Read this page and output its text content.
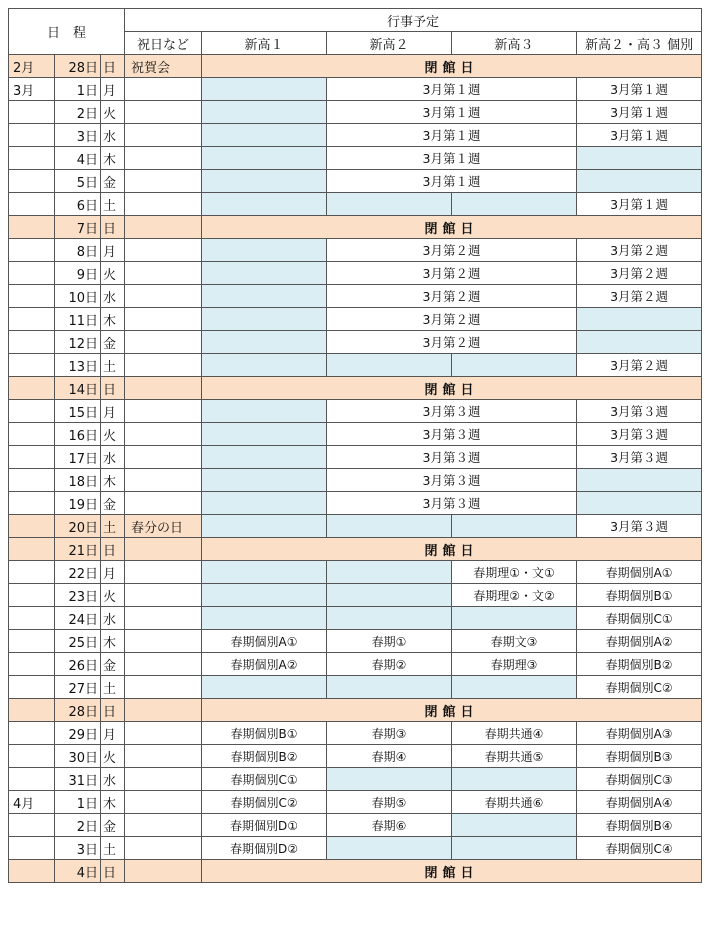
日　程			行事予定				
			祝日など	新高１	新高２	新高３	新高２・高３ 個別
2月	28日	日	祝賀会	閉館日			
3月	1日	月			3月第１週		3月第１週
	2日	火			3月第１週		3月第１週
	3日	水			3月第１週		3月第１週
	4日	木			3月第１週		
	5日	金			3月第１週		
	6日	土					3月第１週
	7日	日		閉館日			
	8日	月			3月第２週		3月第２週
	9日	火			3月第２週		3月第２週
	10日	水			3月第２週		3月第２週
	11日	木			3月第２週		
	12日	金			3月第２週		
	13日	土					3月第２週
	14日	日		閉館日			
	15日	月			3月第３週		3月第３週
	16日	火			3月第３週		3月第３週
	17日	水			3月第３週		3月第３週
	18日	木			3月第３週		
	19日	金			3月第３週		
	20日	土	春分の日				3月第３週
	21日	日		閉館日			
	22日	月				春期理①・文①	春期個別A①
	23日	火				春期理②・文②	春期個別B①
	24日	水					春期個別C①
	25日	木		春期個別A①	春期①	春期文③	春期個別A②
	26日	金		春期個別A②	春期②	春期理③	春期個別B②
	27日	土					春期個別C②
	28日	日		閉館日			
	29日	月		春期個別B①	春期③	春期共通④	春期個別A③
	30日	火		春期個別B②	春期④	春期共通⑤	春期個別B③
	31日	水		春期個別C①			春期個別C③
4月	1日	木		春期個別C②	春期⑤	春期共通⑥	春期個別A④
	2日	金		春期個別D①	春期⑥		春期個別B④
	3日	土		春期個別D②			春期個別C④
	4日	日		閉館日			
